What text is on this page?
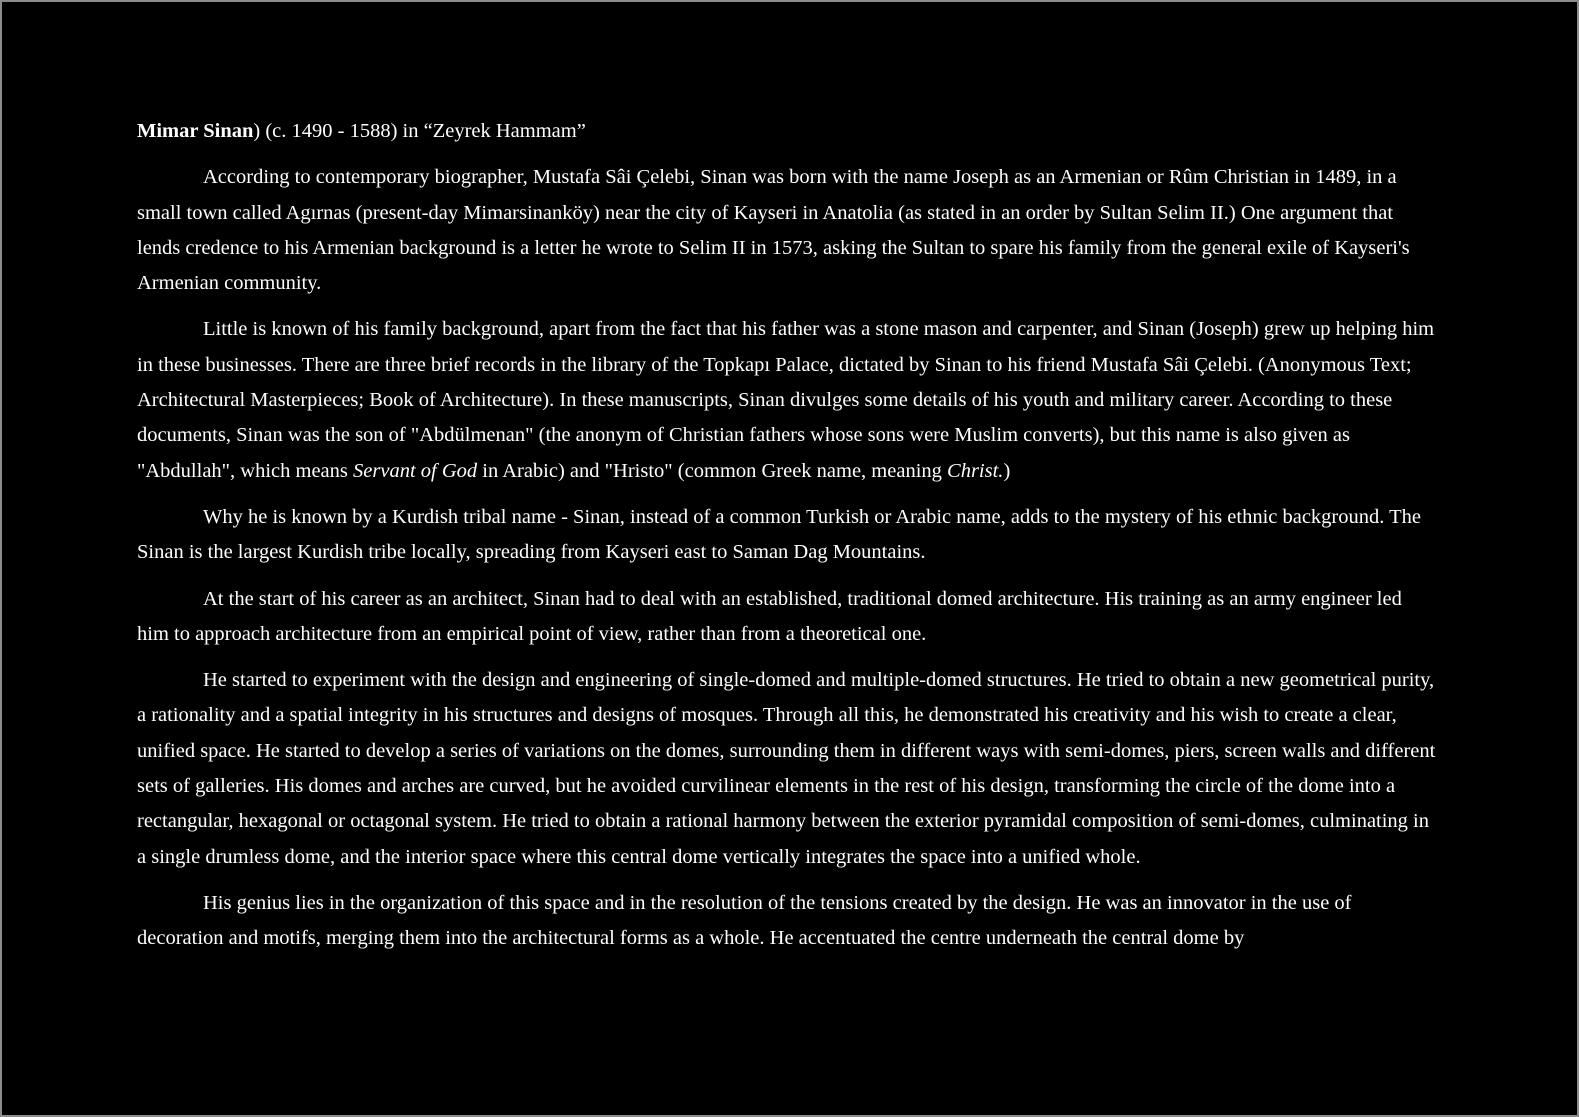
Mimar Sinan) (c. 1490 - 1588) in “Zeyrek Hammam”

According to contemporary biographer, Mustafa Sâi Çelebi, Sinan was born with the name Joseph as an Armenian or Rûm Christian in 1489, in a small town called Agırnas (present-day Mimarsinanköy) near the city of Kayseri in Anatolia (as stated in an order by Sultan Selim II.) One argument that lends credence to his Armenian background is a letter he wrote to Selim II in 1573, asking the Sultan to spare his family from the general exile of Kayseri's Armenian community.

Little is known of his family background, apart from the fact that his father was a stone mason and carpenter, and Sinan (Joseph) grew up helping him in these businesses. There are three brief records in the library of the Topkapı Palace, dictated by Sinan to his friend Mustafa Sâi Çelebi. (Anonymous Text; Architectural Masterpieces; Book of Architecture). In these manuscripts, Sinan divulges some details of his youth and military career. According to these documents, Sinan was the son of "Abdülmenan" (the anonym of Christian fathers whose sons were Muslim converts), but this name is also given as "Abdullah", which means Servant of God in Arabic) and "Hristo" (common Greek name, meaning Christ.)

Why he is known by a Kurdish tribal name - Sinan, instead of a common Turkish or Arabic name, adds to the mystery of his ethnic background. The Sinan is the largest Kurdish tribe locally, spreading from Kayseri east to Saman Dag Mountains.

At the start of his career as an architect, Sinan had to deal with an established, traditional domed architecture. His training as an army engineer led him to approach architecture from an empirical point of view, rather than from a theoretical one.

He started to experiment with the design and engineering of single-domed and multiple-domed structures. He tried to obtain a new geometrical purity, a rationality and a spatial integrity in his structures and designs of mosques. Through all this, he demonstrated his creativity and his wish to create a clear, unified space. He started to develop a series of variations on the domes, surrounding them in different ways with semi-domes, piers, screen walls and different sets of galleries. His domes and arches are curved, but he avoided curvilinear elements in the rest of his design, transforming the circle of the dome into a rectangular, hexagonal or octagonal system. He tried to obtain a rational harmony between the exterior pyramidal composition of semi-domes, culminating in a single drumless dome, and the interior space where this central dome vertically integrates the space into a unified whole.

His genius lies in the organization of this space and in the resolution of the tensions created by the design. He was an innovator in the use of decoration and motifs, merging them into the architectural forms as a whole. He accentuated the centre underneath the central dome by
